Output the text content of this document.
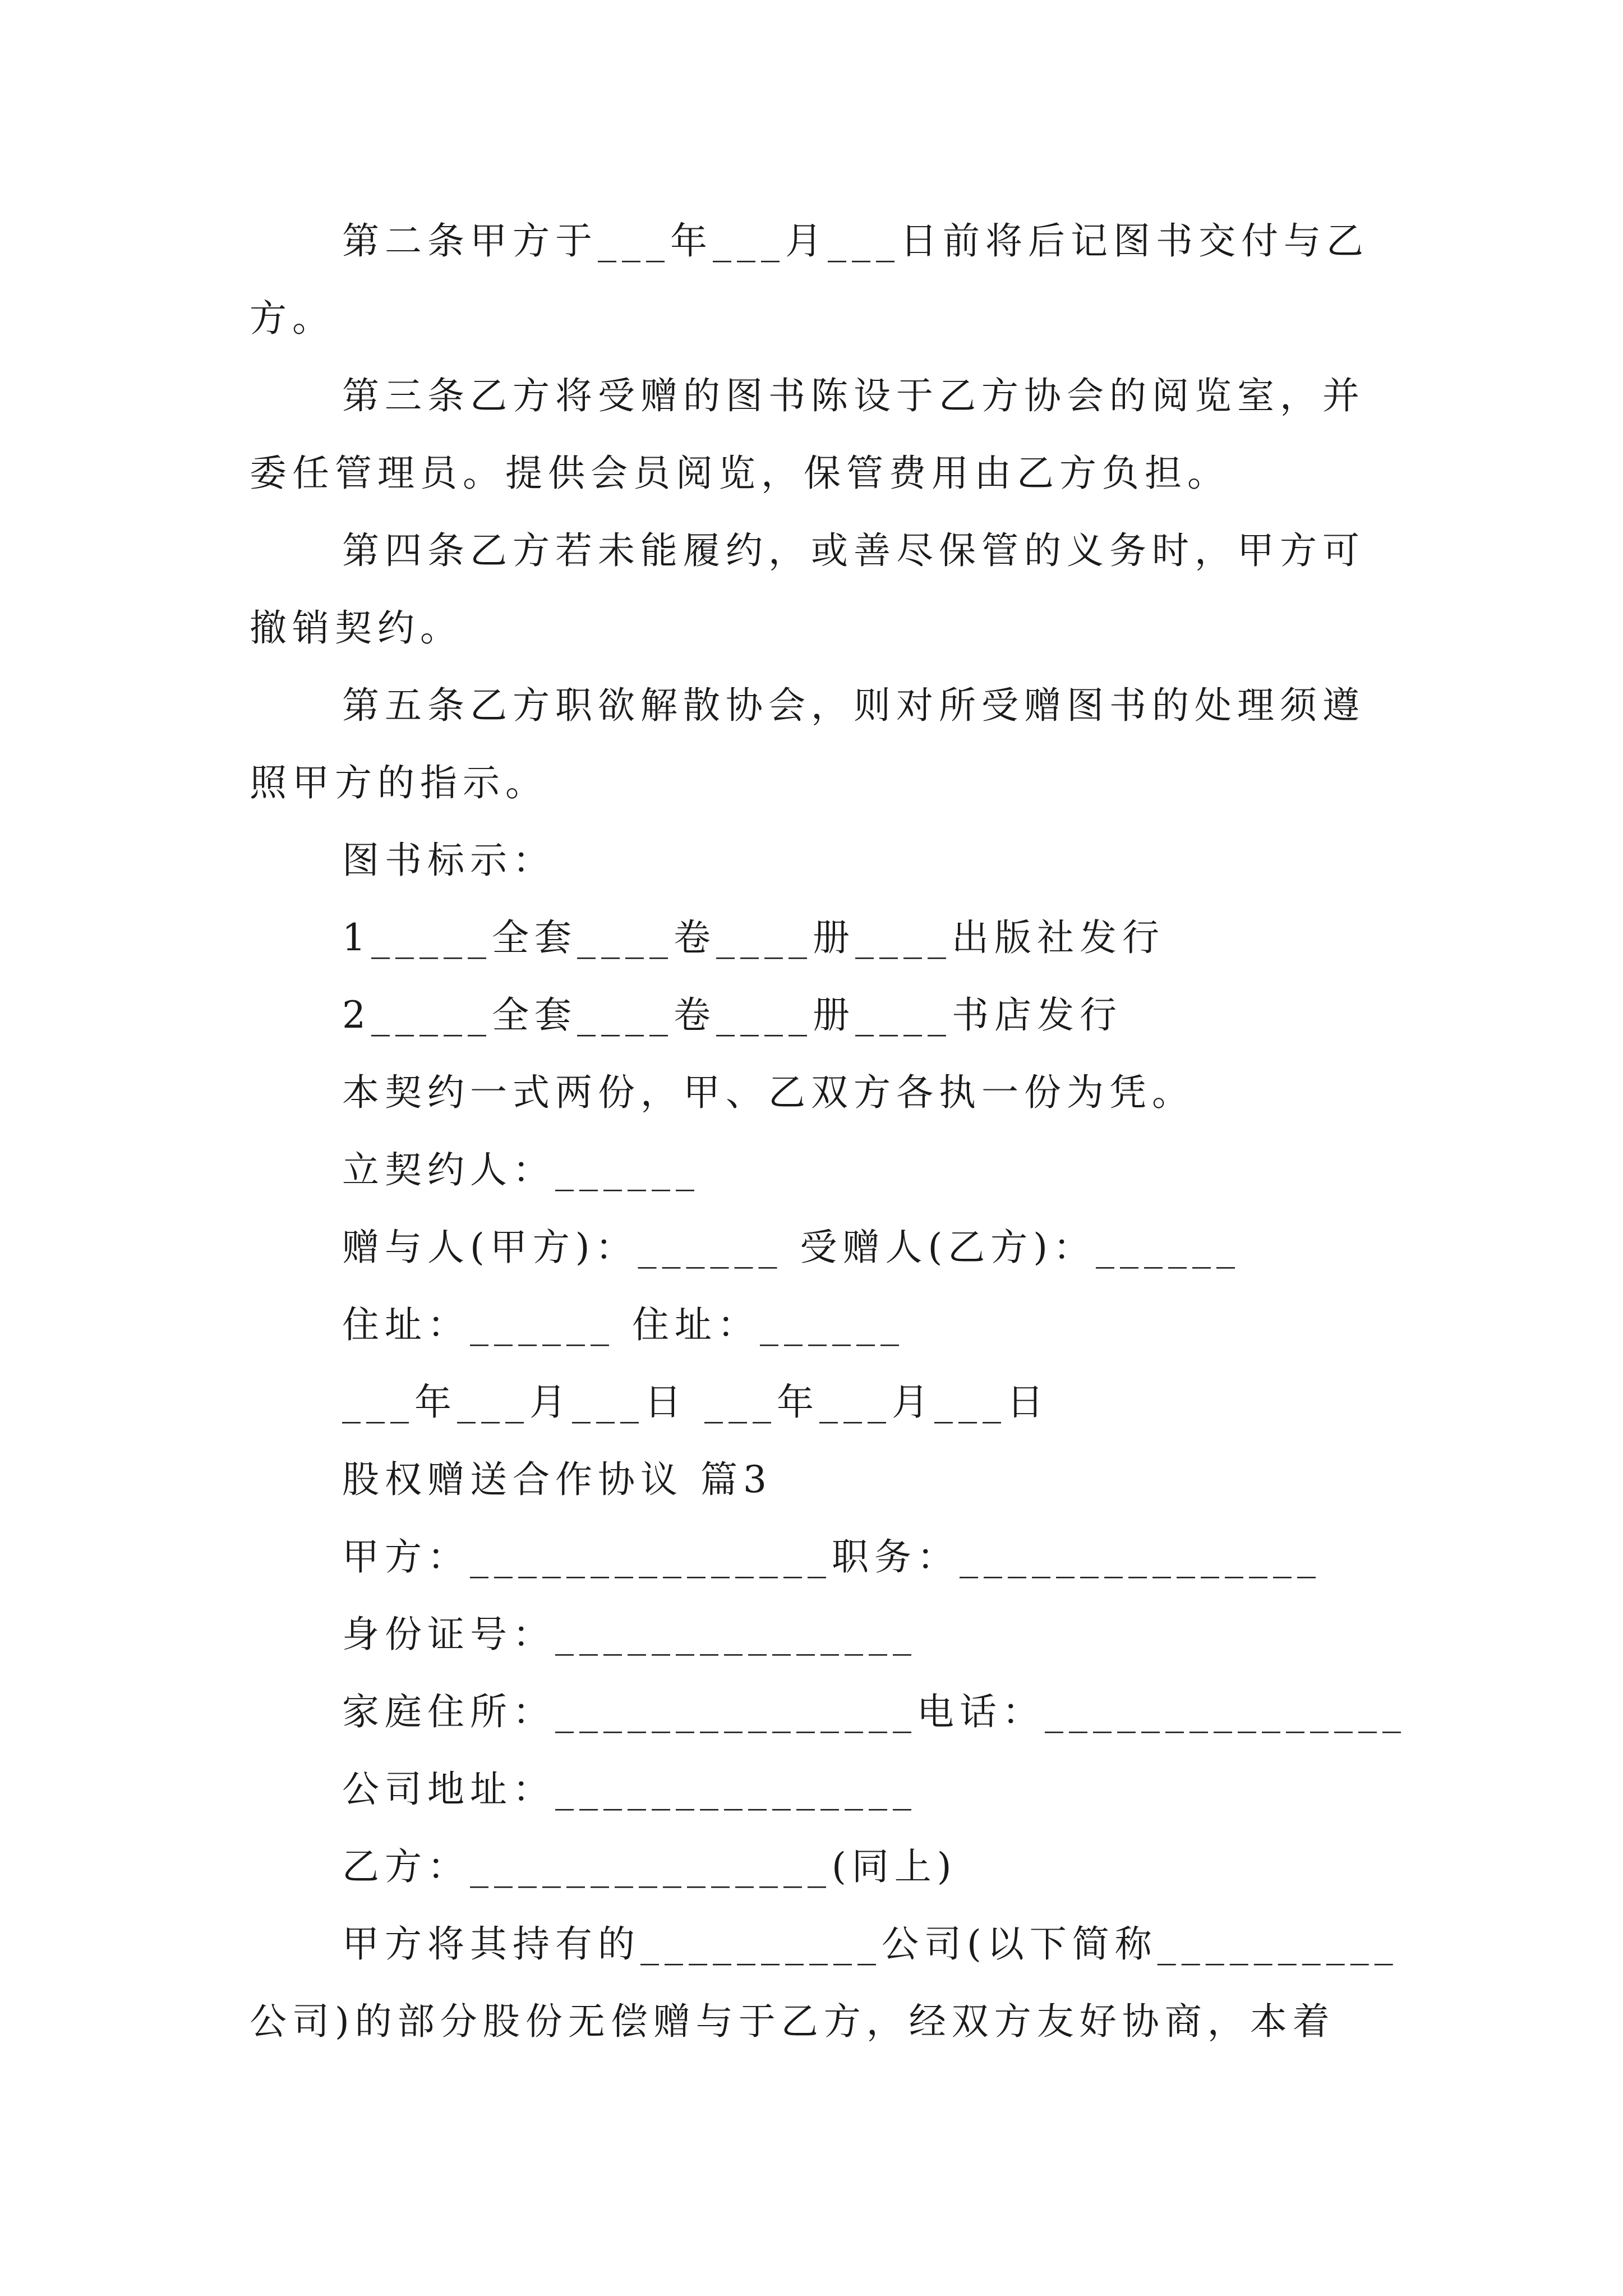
第二条甲方于___年___月___日前将后记图书交付与乙
方。
第三条乙方将受赠的图书陈设于乙方协会的阅览室，并
委任管理员。提供会员阅览，保管费用由乙方负担。
第四条乙方若未能履约，或善尽保管的义务时，甲方可
撤销契约。
第五条乙方职欲解散协会，则对所受赠图书的处理须遵
照甲方的指示。
图书标示：
1_____全套____卷____册____出版社发行
2_____全套____卷____册____书店发行
本契约一式两份，甲、乙双方各执一份为凭。
立契约人：______
赠与人(甲方)：______ 受赠人(乙方)：______
住址：______ 住址：______
___年___月___日 ___年___月___日
股权赠送合作协议 篇3
甲方：_______________职务：_______________
身份证号：_______________
家庭住所：_______________电话：_______________
公司地址：_______________
乙方：_______________(同上)
甲方将其持有的__________公司(以下简称__________
公司)的部分股份无偿赠与于乙方，经双方友好协商，本着
